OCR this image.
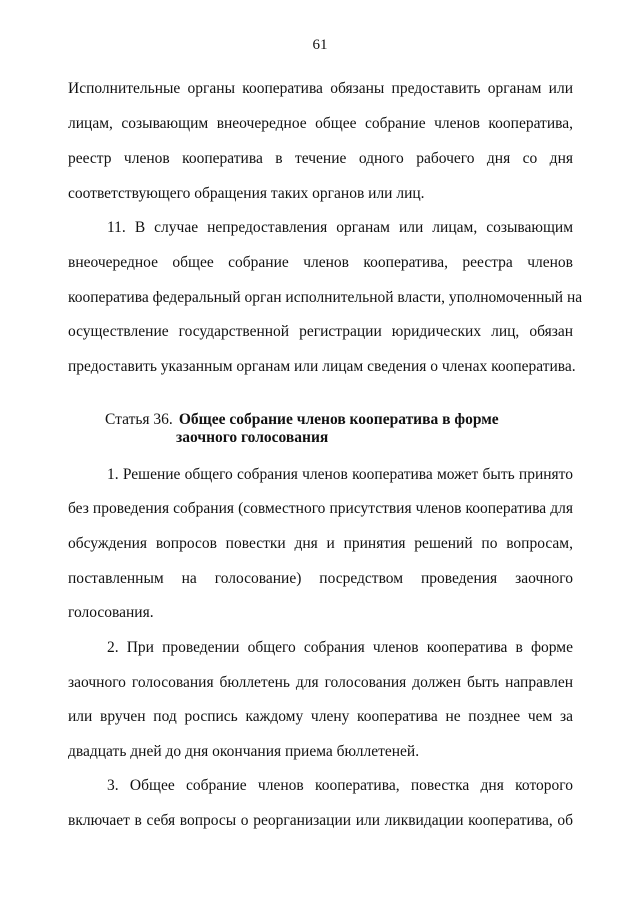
61
Исполнительные органы кооператива обязаны предоставить органам или
лицам, созывающим внеочередное общее собрание членов кооператива,
реестр членов кооператива в течение одного рабочего дня со дня
соответствующего обращения таких органов или лиц.
11. В случае непредоставления органам или лицам, созывающим
внеочередное общее собрание членов кооператива, реестра членов
кооператива федеральный орган исполнительной власти, уполномоченный на
осуществление государственной регистрации юридических лиц, обязан
предоставить указанным органам или лицам сведения о членах кооператива.
Статья 36. Общее собрание членов кооператива в форме
заочного голосования
1. Решение общего собрания членов кооператива может быть принято
без проведения собрания (совместного присутствия членов кооператива для
обсуждения вопросов повестки дня и принятия решений по вопросам,
поставленным на голосование) посредством проведения заочного
голосования.
2. При проведении общего собрания членов кооператива в форме
заочного голосования бюллетень для голосования должен быть направлен
или вручен под роспись каждому члену кооператива не позднее чем за
двадцать дней до дня окончания приема бюллетеней.
3. Общее собрание членов кооператива, повестка дня которого
включает в себя вопросы о реорганизации или ликвидации кооператива, об
